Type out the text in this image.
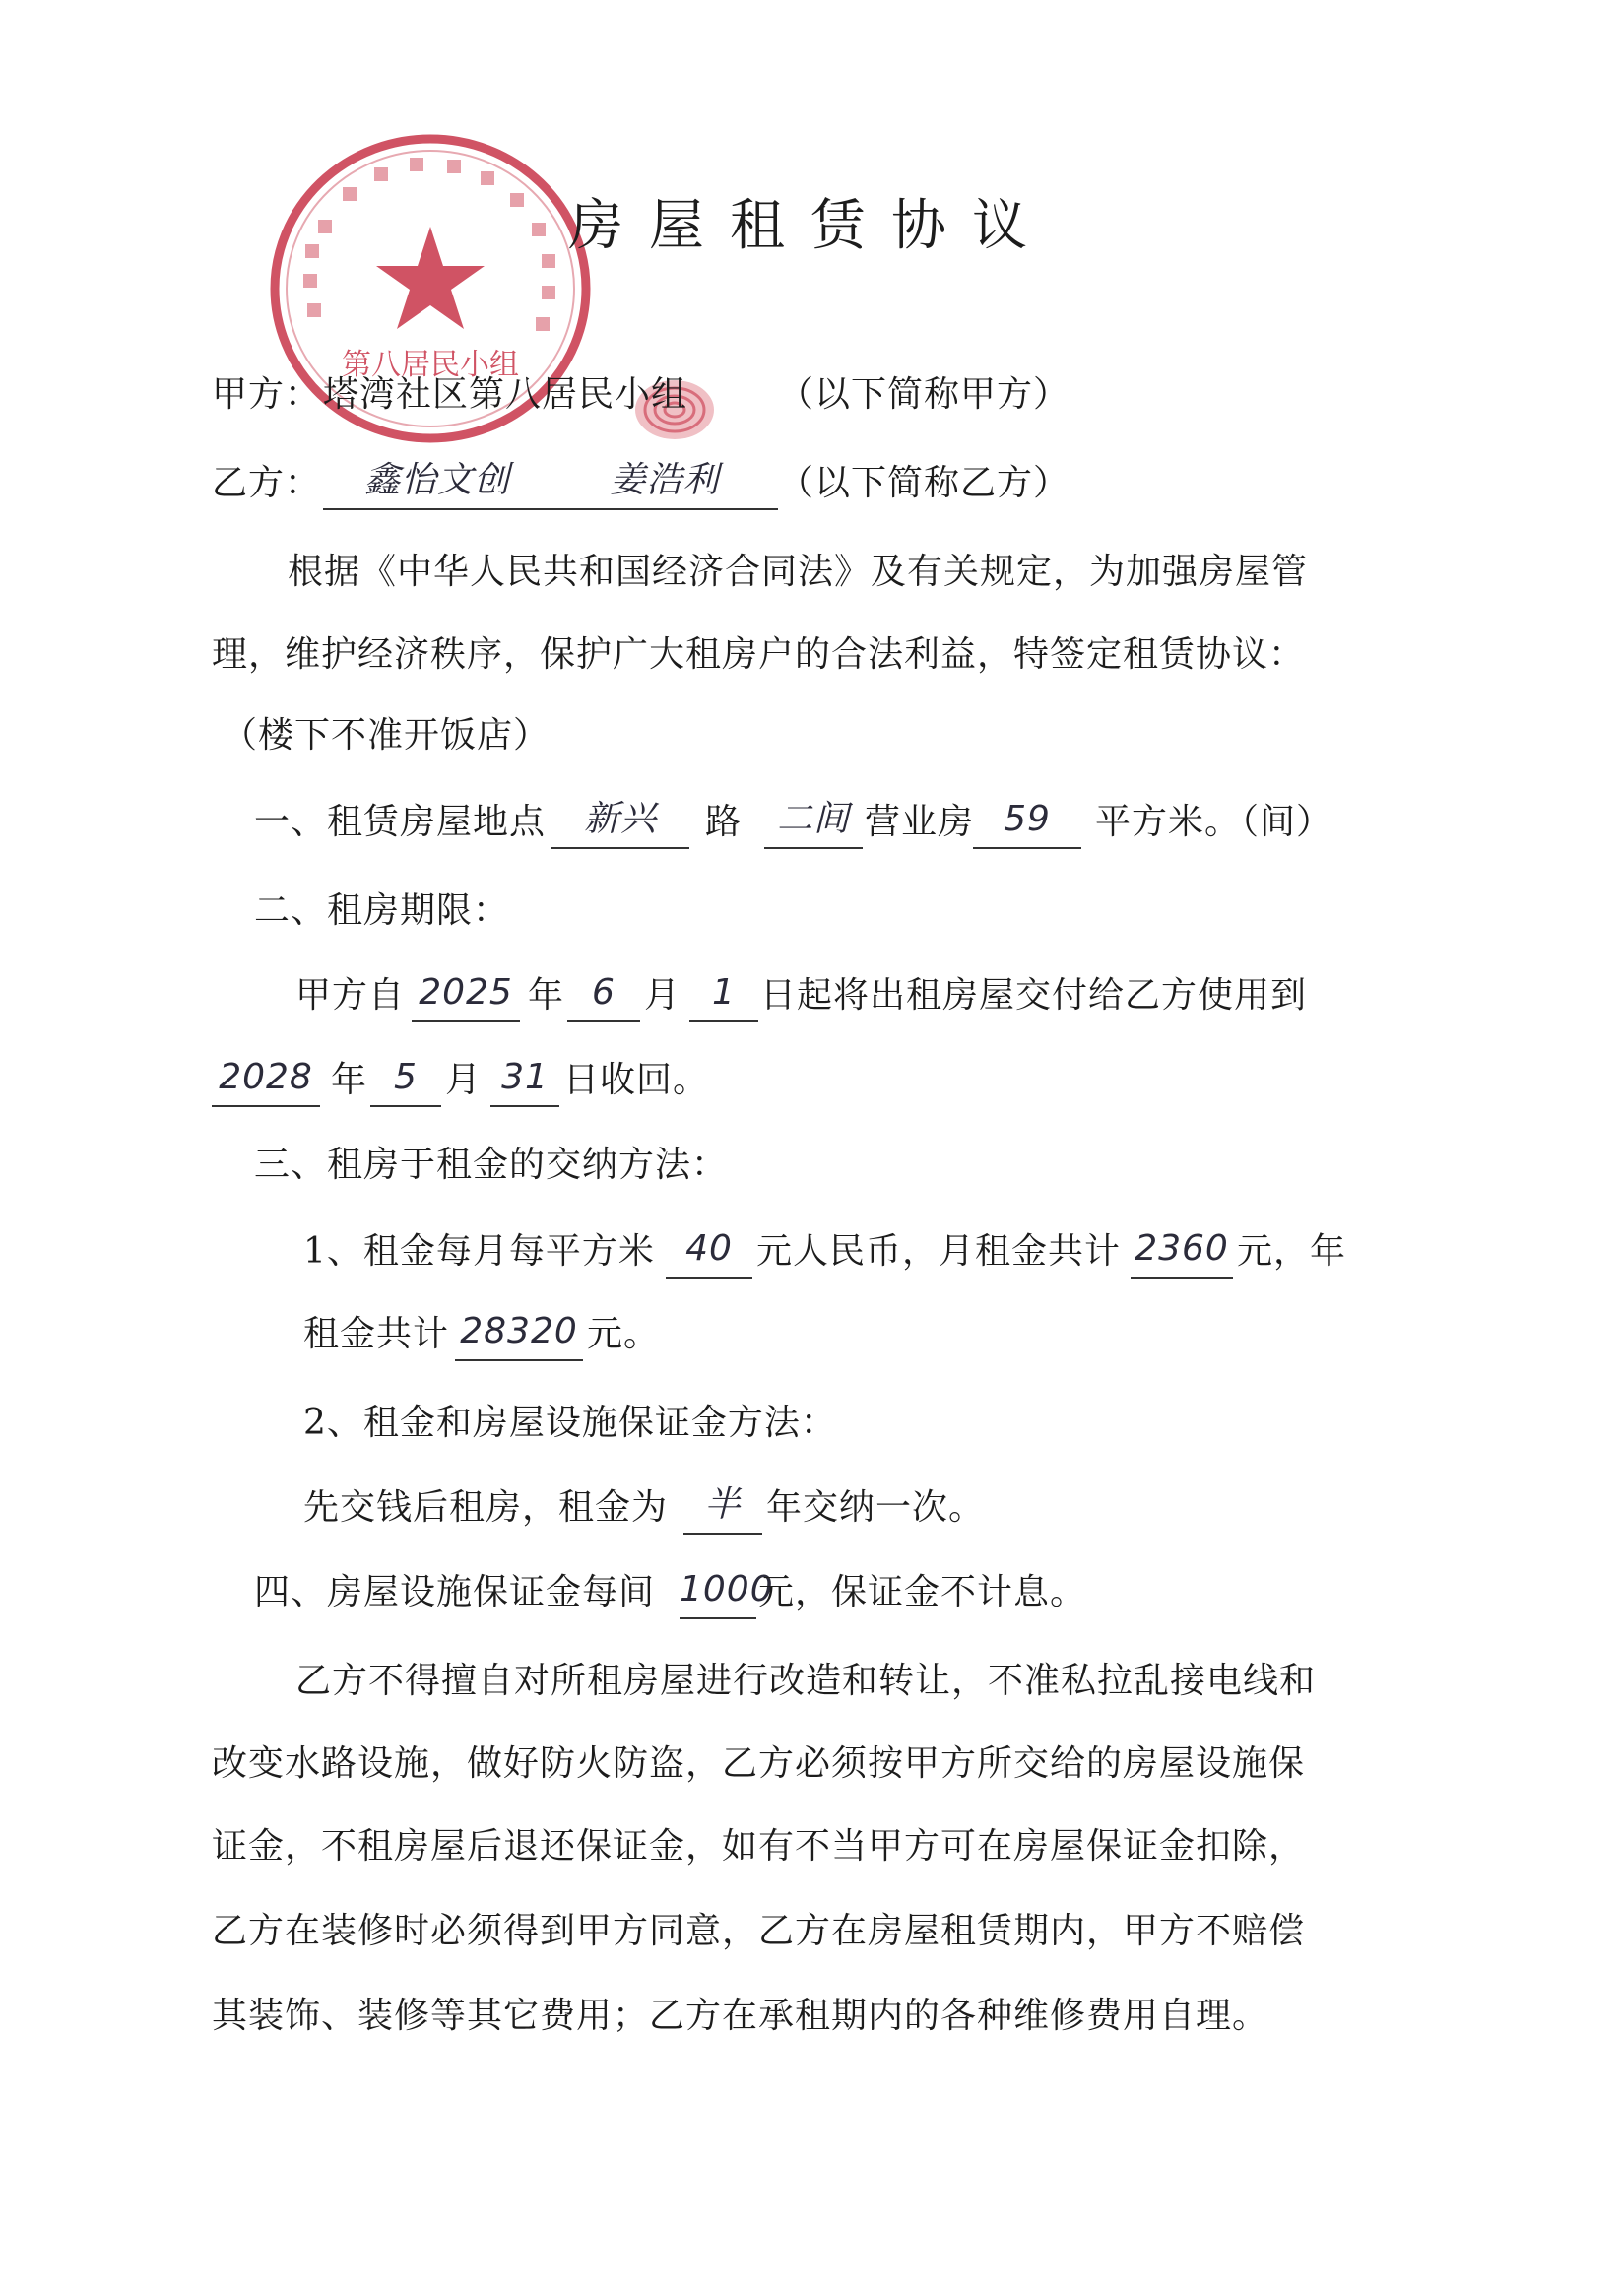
第八居民小组
房屋租赁协议
甲方： 塔湾社区第八居民小组	（以下简称甲方）
乙方：	鑫怡文创	姜浩利	（以下简称乙方）
根据《中华人民共和国经济合同法》及有关规定，为加强房屋管
理，维护经济秩序，保护广大租房户的合法利益，特签定租赁协议：
（楼下不准开饭店）
一、租赁房屋地点	新兴	路 二间 营业房 59	平方米。（间）
二、租房期限：
甲方自 2025 年 6 月 1 日起将出租房屋交付给乙方使用到
2028 年 5 月 31 日收回。
三、租房于租金的交纳方法：
1、租金每月每平方米 40 元人民币，月租金共计 2360 元，年
租金共计 28320 元。
2、租金和房屋设施保证金方法：
先交钱后租房，租金为	半 年交纳一次。
四、房屋设施保证金每间 1000
元，保证金不计息。
乙方不得擅自对所租房屋进行改造和转让，不准私拉乱接电线和
改变水路设施，做好防火防盗，乙方必须按甲方所交给的房屋设施保
证金，不租房屋后退还保证金，如有不当甲方可在房屋保证金扣除，
乙方在装修时必须得到甲方同意，乙方在房屋租赁期内，甲方不赔偿
其装饰、装修等其它费用；乙方在承租期内的各种维修费用自理。
